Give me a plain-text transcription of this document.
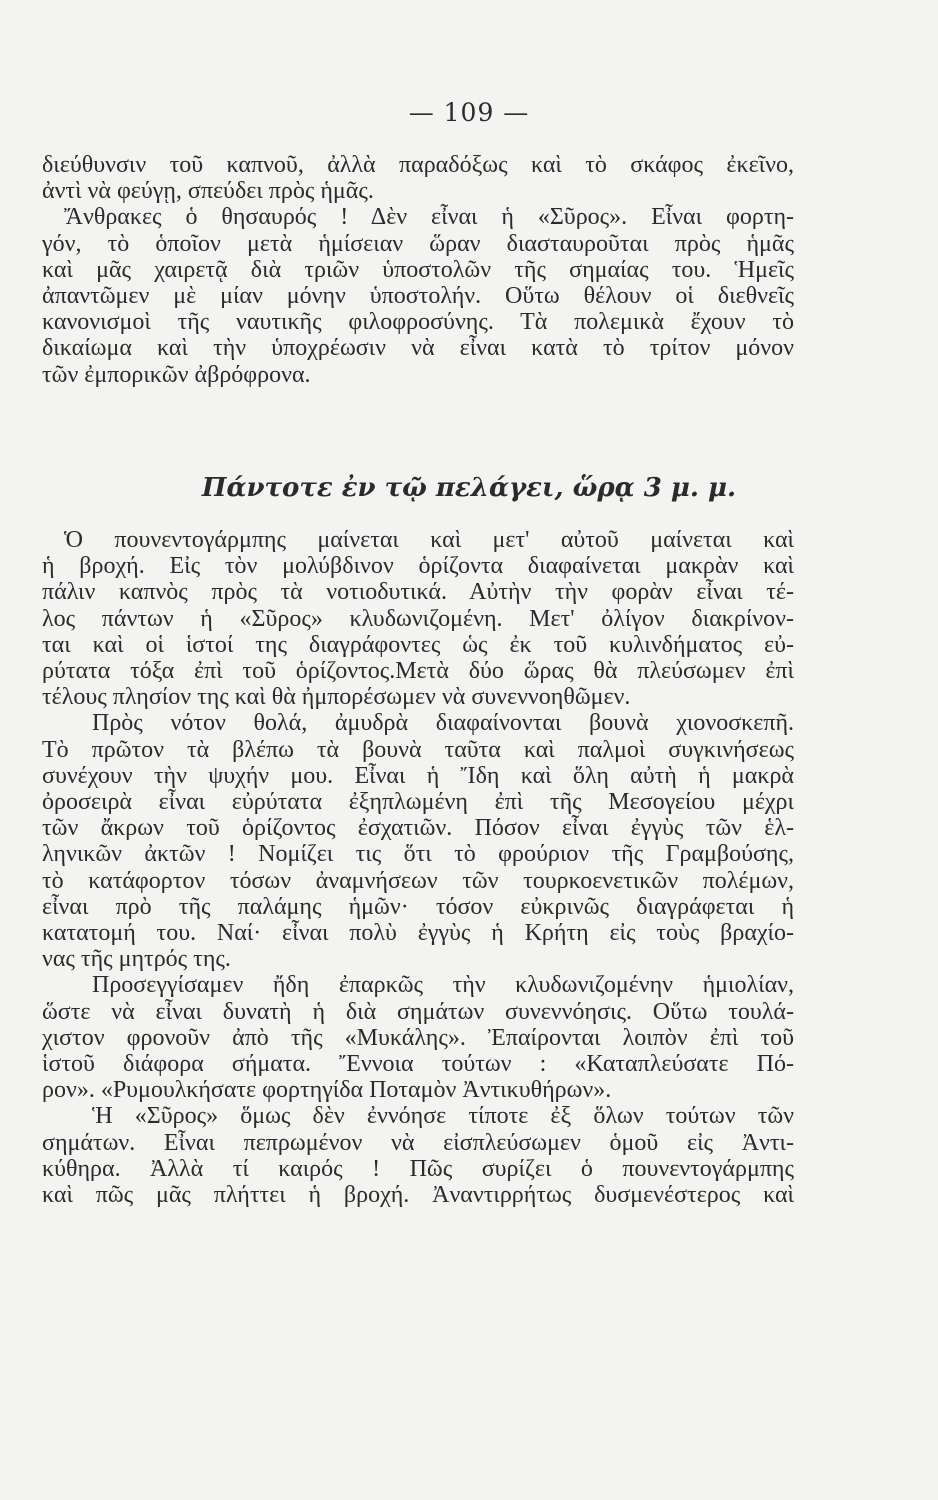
— 109 —
διεύθυνσιν τοῦ καπνοῦ, ἀλλὰ παραδόξως καὶ τὸ σκάφος ἐκεῖνο,
ἀντὶ νὰ φεύγῃ, σπεύδει πρὸς ἡμᾶς.
Ἄνθρακες ὁ θησαυρός ! Δὲν εἶναι ἡ «Σῦρος». Εἶναι φορτη-
γόν, τὸ ὁποῖον μετὰ ἡμίσειαν ὥραν διασταυροῦται πρὸς ἡμᾶς
καὶ μᾶς χαιρετᾷ διὰ τριῶν ὑποστολῶν τῆς σημαίας του. Ἡμεῖς
ἀπαντῶμεν μὲ μίαν μόνην ὑποστολήν. Οὕτω θέλουν οἱ διεθνεῖς
κανονισμοὶ τῆς ναυτικῆς φιλοφροσύνης. Τὰ πολεμικὰ ἔχουν τὸ
δικαίωμα καὶ τὴν ὑποχρέωσιν νὰ εἶναι κατὰ τὸ τρίτον μόνον
τῶν ἐμπορικῶν ἀβρόφρονα.
Πάντοτε ἐν τῷ πελάγει, ὥρᾳ 3 μ. μ.
Ὁ πουνεντογάρμπης μαίνεται καὶ μετ' αὐτοῦ μαίνεται καὶ
ἡ βροχή. Εἰς τὸν μολύβδινον ὁρίζοντα διαφαίνεται μακρὰν καὶ
πάλιν καπνὸς πρὸς τὰ νοτιοδυτικά. Αὐτὴν τὴν φορὰν εἶναι τέ-
λος πάντων ἡ «Σῦρος» κλυδωνιζομένη. Μετ' ὀλίγον διακρίνον-
ται καὶ οἱ ἱστοί της διαγράφοντες ὡς ἐκ τοῦ κυλινδήματος εὐ-
ρύτατα τόξα ἐπὶ τοῦ ὁρίζοντος.Μετὰ δύο ὥρας θὰ πλεύσωμεν ἐπὶ
τέλους πλησίον της καὶ θὰ ἠμπορέσωμεν νὰ συνεννοηθῶμεν.
Πρὸς νότον θολά, ἀμυδρὰ διαφαίνονται βουνὰ χιονοσκεπῆ.
Τὸ πρῶτον τὰ βλέπω τὰ βουνὰ ταῦτα καὶ παλμοὶ συγκινήσεως
συνέχουν τὴν ψυχήν μου. Εἶναι ἡ Ἴδη καὶ ὅλη αὐτὴ ἡ μακρὰ
ὀροσειρὰ εἶναι εὐρύτατα ἐξηπλωμένη ἐπὶ τῆς Μεσογείου μέχρι
τῶν ἄκρων τοῦ ὁρίζοντος ἐσχατιῶν. Πόσον εἶναι ἐγγὺς τῶν ἑλ-
ληνικῶν ἀκτῶν ! Νομίζει τις ὅτι τὸ φρούριον τῆς Γραμβούσης,
τὸ κατάφορτον τόσων ἀναμνήσεων τῶν τουρκοενετικῶν πολέμων,
εἶναι πρὸ τῆς παλάμης ἡμῶν· τόσον εὐκρινῶς διαγράφεται ἡ
κατατομή του. Ναί· εἶναι πολὺ ἐγγὺς ἡ Κρήτη εἰς τοὺς βραχίο-
νας τῆς μητρός της.
Προσεγγίσαμεν ἤδη ἐπαρκῶς τὴν κλυδωνιζομένην ἡμιολίαν,
ὥστε νὰ εἶναι δυνατὴ ἡ διὰ σημάτων συνεννόησις. Οὕτω τουλά-
χιστον φρονοῦν ἀπὸ τῆς «Μυκάλης». Ἐπαίρονται λοιπὸν ἐπὶ τοῦ
ἱστοῦ διάφορα σήματα. Ἔννοια τούτων : «Καταπλεύσατε Πό-
ρον». «Ρυμουλκήσατε φορτηγίδα Ποταμὸν Ἀντικυθήρων».
Ἡ «Σῦρος» ὅμως δὲν ἐννόησε τίποτε ἐξ ὅλων τούτων τῶν
σημάτων. Εἶναι πεπρωμένον νὰ εἰσπλεύσωμεν ὁμοῦ εἰς Ἀντι-
κύθηρα. Ἀλλὰ τί καιρός ! Πῶς συρίζει ὁ πουνεντογάρμπης
καὶ πῶς μᾶς πλήττει ἡ βροχή. Ἀναντιρρήτως δυσμενέστερος καὶ
